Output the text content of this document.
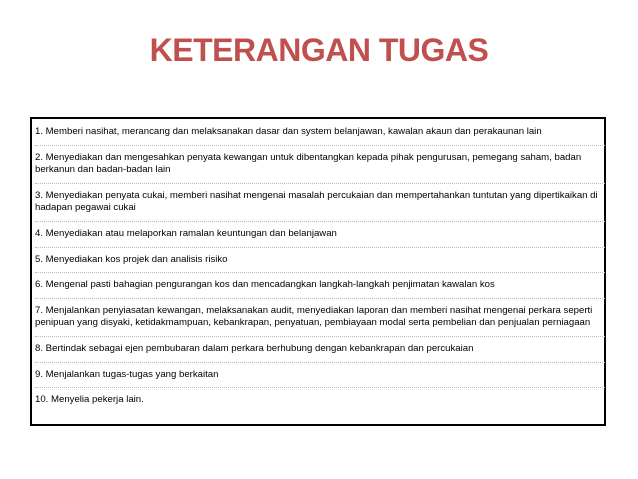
KETERANGAN TUGAS
1. Memberi nasihat, merancang dan melaksanakan dasar dan system belanjawan, kawalan akaun dan perakaunan lain
2. Menyediakan dan mengesahkan penyata kewangan untuk dibentangkan kepada pihak pengurusan, pemegang saham, badan berkanun dan badan-badan lain
3. Menyediakan penyata cukai, memberi nasihat mengenai masalah percukaian dan mempertahankan tuntutan yang dipertikaikan di hadapan pegawai cukai
4. Menyediakan atau melaporkan ramalan keuntungan dan belanjawan
5. Menyediakan kos projek dan analisis risiko
6. Mengenal pasti bahagian pengurangan kos dan mencadangkan langkah-langkah penjimatan kawalan kos
7. Menjalankan penyiasatan kewangan, melaksanakan audit, menyediakan laporan dan memberi nasihat mengenai perkara seperti penipuan yang disyaki, ketidakmampuan, kebankrapan, penyatuan, pembiayaan modal serta pembelian dan penjualan perniagaan
8. Bertindak sebagai ejen pembubaran dalam perkara berhubung dengan kebankrapan dan percukaian
9. Menjalankan tugas-tugas yang berkaitan
10. Menyelia pekerja lain.
